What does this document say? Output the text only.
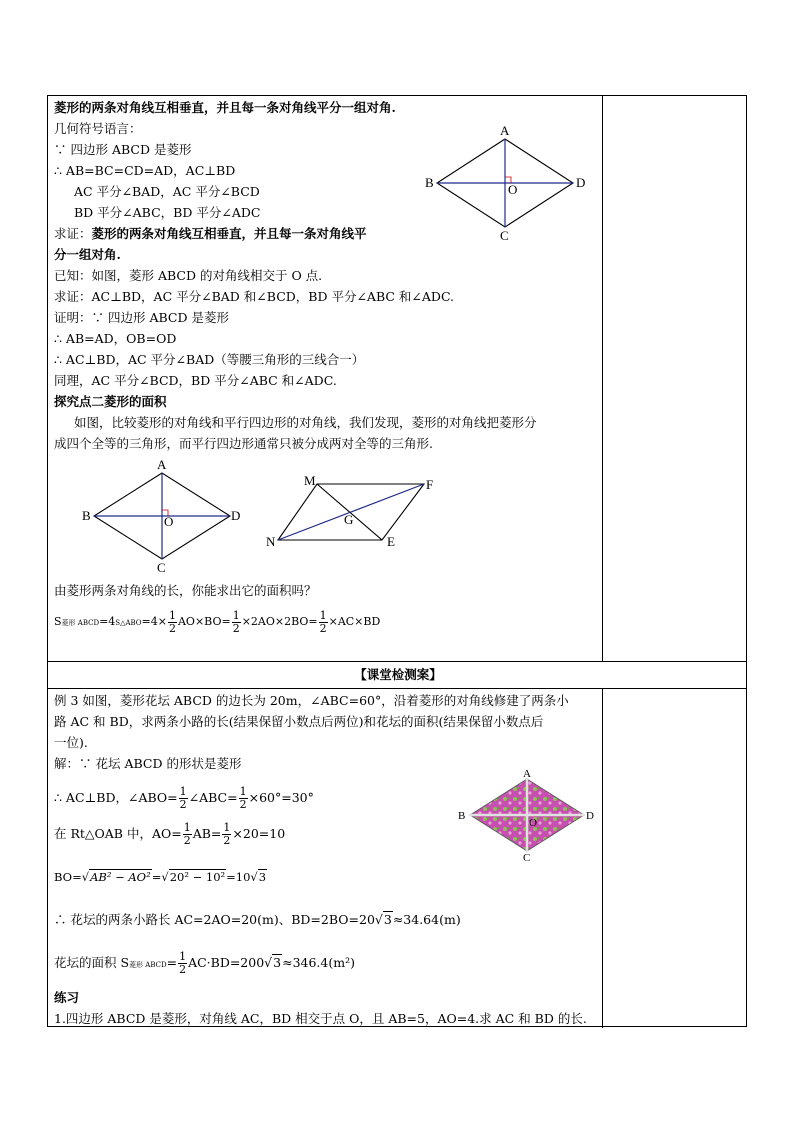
菱形的两条对角线互相垂直，并且每一条对角线平分一组对角.
几何符号语言：
∵ 四边形 ABCD 是菱形
∴ AB=BC=CD=AD，AC⊥BD
AC 平分∠BAD，AC 平分∠BCD
BD 平分∠ABC，BD 平分∠ADC
求证：菱形的两条对角线互相垂直，并且每一条对角线平
分一组对角.
已知：如图，菱形 ABCD 的对角线相交于 O 点.
求证：AC⊥BD，AC 平分∠BAD 和∠BCD，BD 平分∠ABC 和∠ADC.
证明：∵ 四边形 ABCD 是菱形
∴ AB=AD，OB=OD
∴ AC⊥BD，AC 平分∠BAD（等腰三角形的三线合一）
同理，AC 平分∠BCD，BD 平分∠ABC 和∠ADC.
探究点二菱形的面积
如图，比较菱形的对角线和平行四边形的对角线，我们发现，菱形的对角线把菱形分
成四个全等的三角形，而平行四边形通常只被分成两对全等的三角形.
由菱形两条对角线的长，你能求出它的面积吗？
S菱形 ABCD=4S△ABO=4× $\frac{1}{2} AO\times BO= \frac{1}{2} \times 2AO\times 2BO= \frac{1}{2} \times AC\times BD$
【课堂检测案】
例 3 如图，菱形花坛 ABCD 的边长为 20m，∠ABC=60°，沿着菱形的对角线修建了两条小
路 AC 和 BD，求两条小路的长(结果保留小数点后两位)和花坛的面积(结果保留小数点后
一位).
解：∵ 花坛 ABCD 的形状是菱形
∴ AC⊥BD，∠ABO= $\frac{1}{2}$ ∠ABC= $\frac{1}{2} \times 60^\circ=30^\circ$
在 Rt△OAB 中，$AO= \frac{1}{2} AB= \frac{1}{2} \times 20=10$
BO=√AB² − AO²=√20² − 10²=10√3
∴ 花坛的两条小路长 AC=2AO=20(m)、BD=2BO=20√3≈34.64(m)
花坛的面积 S菱形 ABCD= $\frac{1}{2} AC\cdot BD=200√3\approx 346.4(m^2)$
练习
1.四边形 ABCD 是菱形，对角线 AC，BD 相交于点 O，且 AB=5，AO=4.求 AC 和 BD 的长.
A
B
C
D
O
A
B
C
D
O
M	F
G
N	E
A
B
C
D
O
